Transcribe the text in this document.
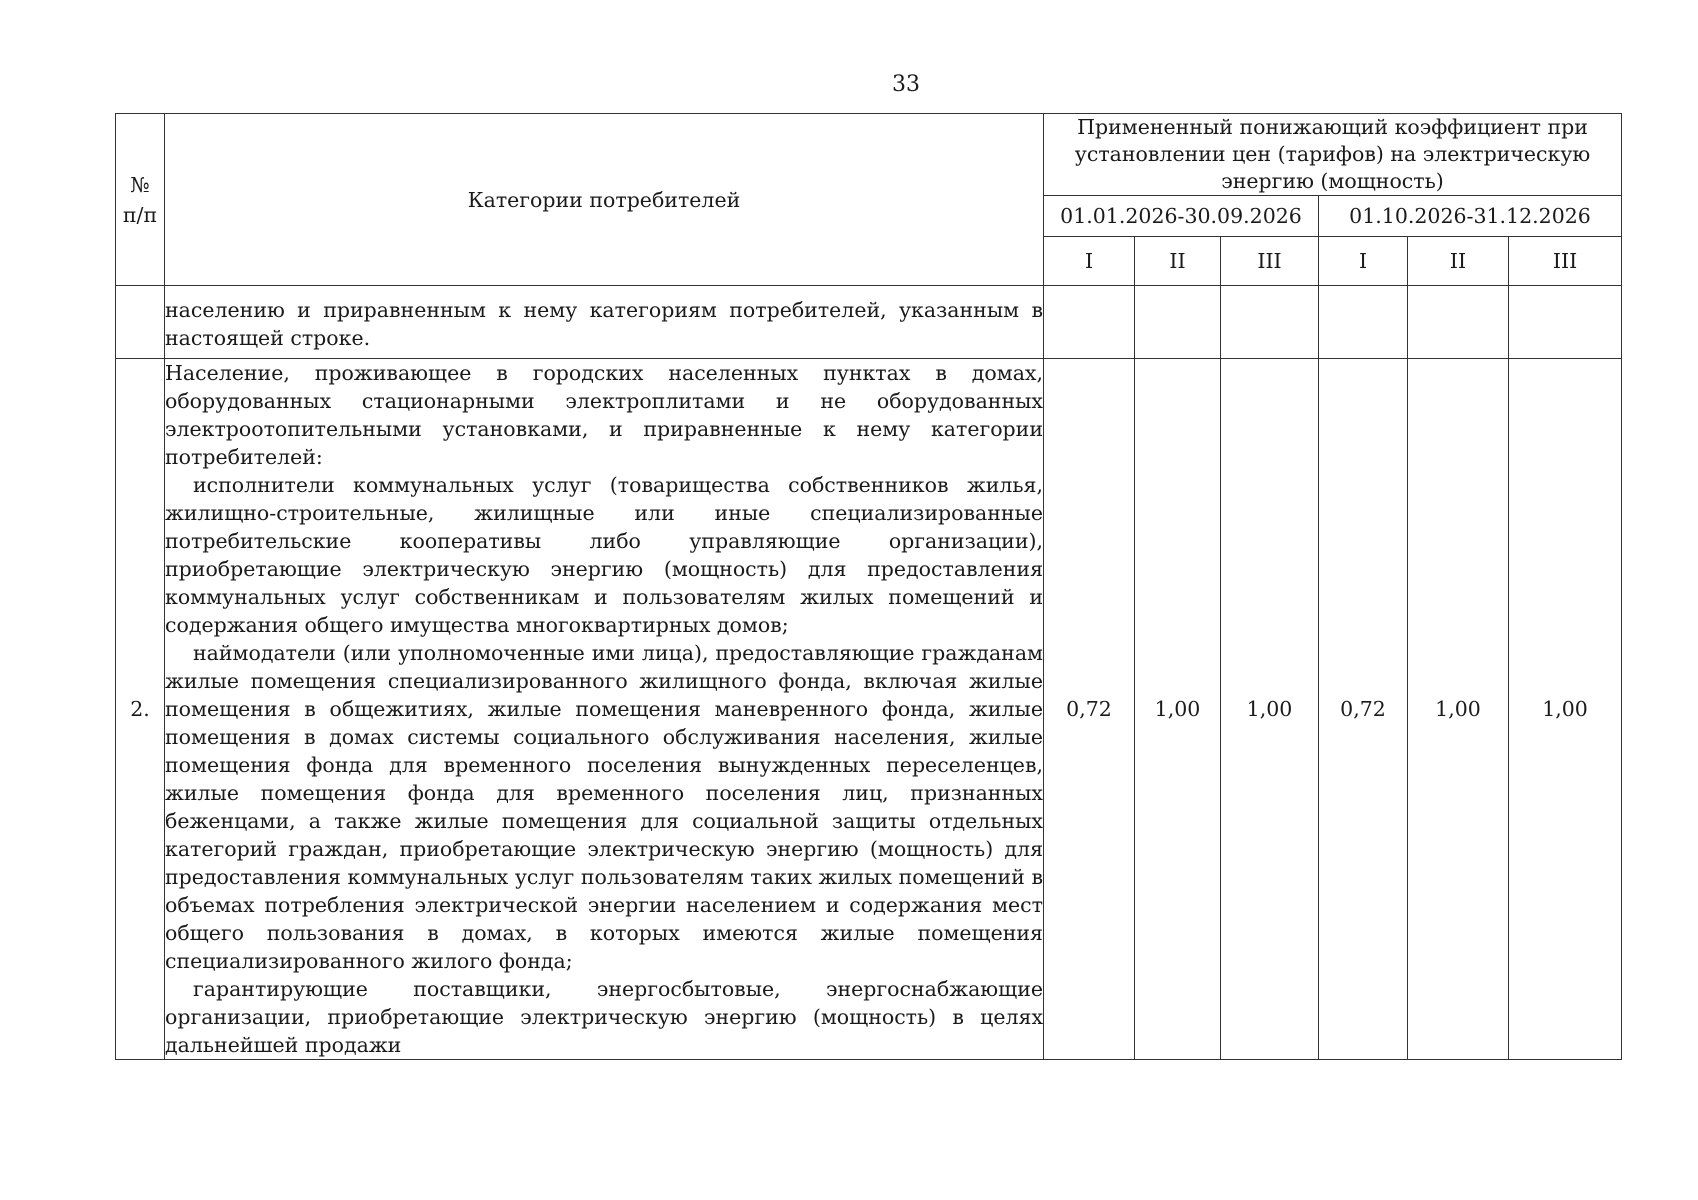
33
№
п/п	Категории потребителей	Примененный понижающий коэффициент при установлении цен (тарифов) на электрическую энергию (мощность)					
		01.01.2026-30.09.2026			01.10.2026-31.12.2026		
		I	II	III	I	II	III

	населению и приравненным к нему категориям потребителей, указанным в настоящей строке.						

2.	Население, проживающее в городских населенных пунктах в домах, оборудованных стационарными электроплитами и не оборудованных электроотопительными установками, и приравненные к нему категории потребителей:

исполнители коммунальных услуг (товарищества собственников жилья, жилищно-строительные, жилищные или иные специализированные потребительские кооперативы либо управляющие организации), приобретающие электрическую энергию (мощность) для предоставления коммунальных услуг собственникам и пользователям жилых помещений и содержания общего имущества многоквартирных домов;

наймодатели (или уполномоченные ими лица), предоставляющие гражданам жилые помещения специализированного жилищного фонда, включая жилые помещения в общежитиях, жилые помещения маневренного фонда, жилые помещения в домах системы социального обслуживания населения, жилые помещения фонда для временного поселения вынужденных переселенцев, жилые помещения фонда для временного поселения лиц, признанных беженцами, а также жилые помещения для социальной защиты отдельных категорий граждан, приобретающие электрическую энергию (мощность) для предоставления коммунальных услуг пользователям таких жилых помещений в объемах потребления электрической энергии населением и содержания мест общего пользования в домах, в которых имеются жилые помещения специализированного жилого фонда;

гарантирующие поставщики, энергосбытовые, энергоснабжающие организации, приобретающие электрическую энергию (мощность) в целях дальнейшей продажи	0,72	1,00	1,00	0,72	1,00	1,00
